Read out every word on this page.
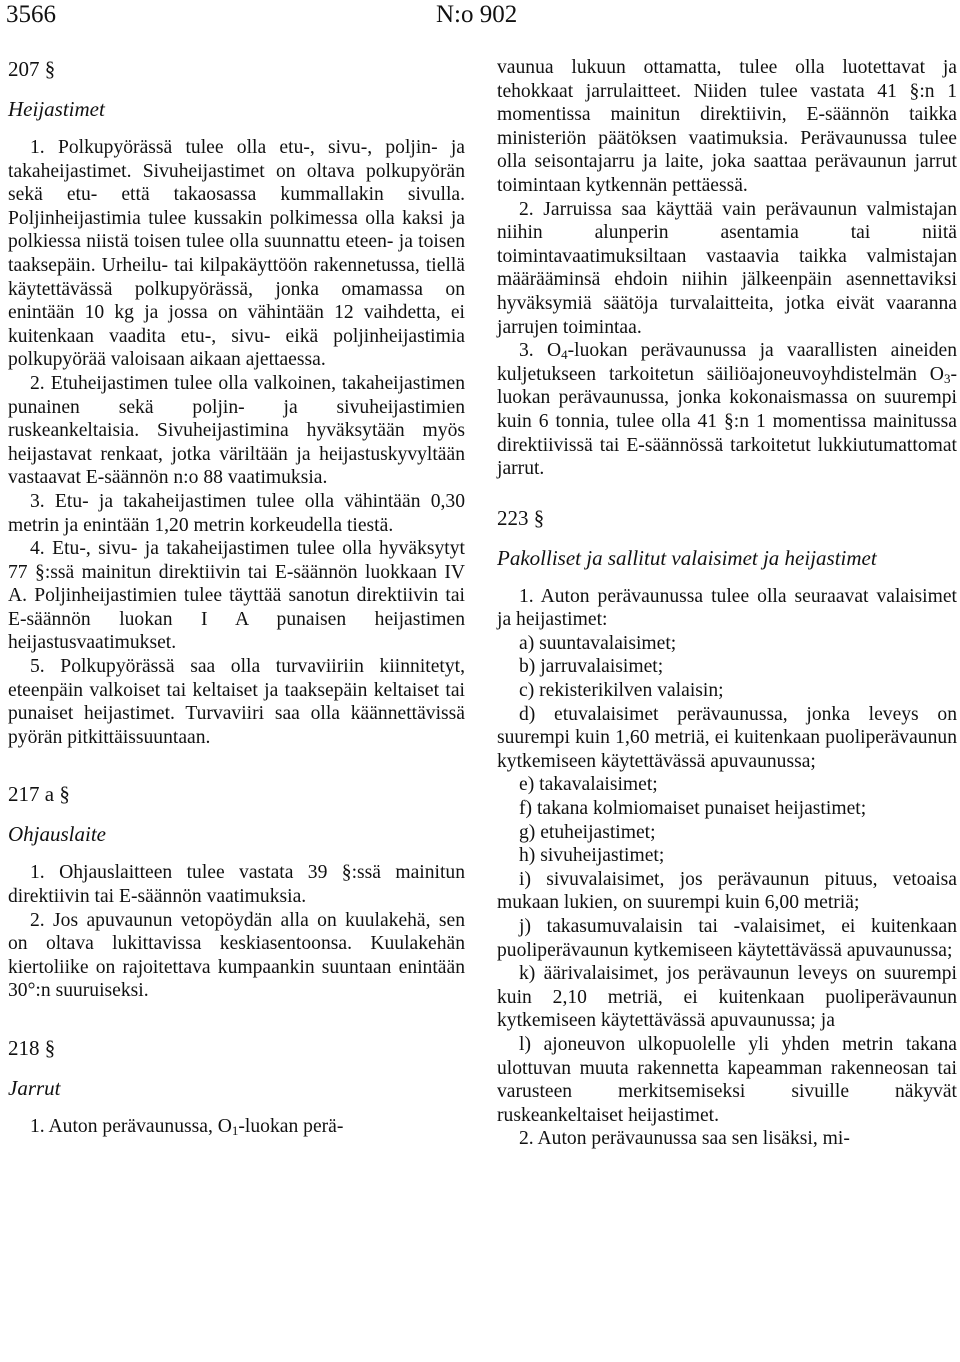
3566	N:o 902

207 §

Heijastimet

1. Polkupyörässä tulee olla etu-, sivu-, poljin- ja takaheijastimet. Sivuheijastimet on oltava polkupyörän sekä etu- että takaosassa kummallakin sivulla. Poljinheijastimia tulee kussakin polkimessa olla kaksi ja polkiessa niistä toisen tulee olla suunnattu eteen- ja toisen taaksepäin. Urheilu- tai kilpakäyttöön rakennetussa, tiellä käytettävässä polkupyörässä, jonka omamassa on enintään 10 kg ja jossa on vähintään 12 vaihdetta, ei kuitenkaan vaadita etu-, sivu- eikä poljinheijastimia polkupyörää valoisaan aikaan ajettaessa.

2. Etuheijastimen tulee olla valkoinen, takaheijastimen punainen sekä poljin- ja sivuheijastimien ruskeankeltaisia. Sivuheijastimina hyväksytään myös heijastavat renkaat, jotka väriltään ja heijastuskyvyltään vastaavat E-säännön n:o 88 vaatimuksia.

3. Etu- ja takaheijastimen tulee olla vähintään 0,30 metrin ja enintään 1,20 metrin korkeudella tiestä.

4. Etu-, sivu- ja takaheijastimen tulee olla hyväksytyt 77 §:ssä mainitun direktiivin tai E-säännön luokkaan IV A. Poljinheijastimien tulee täyttää sanotun direktiivin tai E-säännön luokan I A punaisen heijastimen heijastusvaatimukset.

5. Polkupyörässä saa olla turvaviiriin kiinnitetyt, eteenpäin valkoiset tai keltaiset ja taaksepäin keltaiset tai punaiset heijastimet. Turvaviiri saa olla käännettävissä pyörän pitkittäissuuntaan.

217 a §

Ohjauslaite

1. Ohjauslaitteen tulee vastata 39 §:ssä mainitun direktiivin tai E-säännön vaatimuksia.

2. Jos apuvaunun vetopöydän alla on kuulakehä, sen on oltava lukittavissa keskiasentoonsa. Kuulakehän kiertoliike on rajoitettava kumpaankin suuntaan enintään 30°:n suuruiseksi.

218 §

Jarrut

1. Auton perävaunussa, $O_1$-luokan perä-

vaunua lukuun ottamatta, tulee olla luotettavat ja tehokkaat jarrulaitteet. Niiden tulee vastata 41 §:n 1 momentissa mainitun direktiivin, E-säännön taikka ministeriön päätöksen vaatimuksia. Perävaunussa tulee olla seisontajarru ja laite, joka saattaa perävaunun jarrut toimintaan kytkennän pettäessä.

2. Jarruissa saa käyttää vain perävaunun valmistajan niihin alunperin asentamia tai niitä toimintavaatimuksiltaan vastaavia taikka valmistajan määrääminsä ehdoin niihin jälkeenpäin asennettaviksi hyväksymiä säätöja turvalaitteita, jotka eivät vaaranna jarrujen toimintaa.

3. $O_4$-luokan perävaunussa ja vaarallisten aineiden kuljetukseen tarkoitetun säiliöajoneuvoyhdistelmän $O_3$-luokan perävaunussa, jonka kokonaismassa on suurempi kuin 6 tonnia, tulee olla 41 §:n 1 momentissa mainitussa direktiivissä tai E-säännössä tarkoitetut lukkiutumattomat jarrut.

223 §

Pakolliset ja sallitut valaisimet ja heijastimet

1. Auton perävaunussa tulee olla seuraavat valaisimet ja heijastimet:

a) suuntavalaisimet;

b) jarruvalaisimet;

c) rekisterikilven valaisin;

d) etuvalaisimet perävaunussa, jonka leveys on suurempi kuin 1,60 metriä, ei kuitenkaan puoliperävaunun kytkemiseen käytettävässä apuvaunussa;

e) takavalaisimet;

f) takana kolmiomaiset punaiset heijastimet;

g) etuheijastimet;

h) sivuheijastimet;

i) sivuvalaisimet, jos perävaunun pituus, vetoaisa mukaan lukien, on suurempi kuin 6,00 metriä;

j) takasumuvalaisin tai -valaisimet, ei kuitenkaan puoliperävaunun kytkemiseen käytettävässä apuvaunussa;

k) äärivalaisimet, jos perävaunun leveys on suurempi kuin 2,10 metriä, ei kuitenkaan puoliperävaunun kytkemiseen käytettävässä apuvaunussa; ja

l) ajoneuvon ulkopuolelle yli yhden metrin takana ulottuvan muuta rakennetta kapeamman rakenneosan tai varusteen merkitsemiseksi sivuille näkyvät ruskeankeltaiset heijastimet.

2. Auton perävaunussa saa sen lisäksi, mi-
